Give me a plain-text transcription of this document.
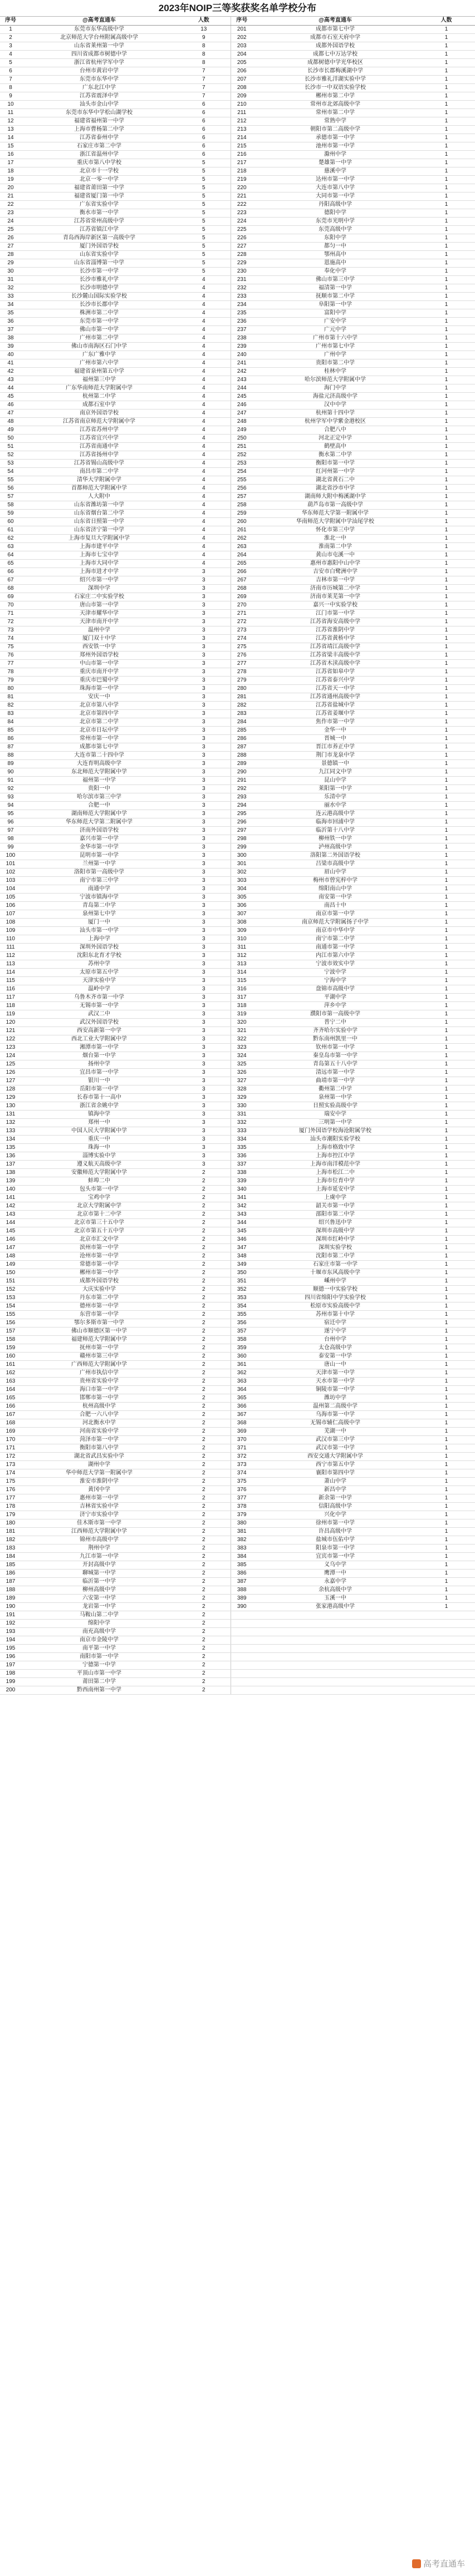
2023年NOIP三等奖获奖名单学校分布
序号	@高考直通车	人数	序号	@高考直通车	人数
1	东莞市东华高级中学	13	201	成都市第七中学	1
2	北京师范大学台州附属高级中学	9	202	成都市石室天府中学	1
3	山东省莱州第一中学	8	203	成都外国语学校	1
4	四川省成都市树德中学	8	204	成都七中万达学校	1
5	浙江省杭州学军中学	8	205	成都树德中学光华校区	1
6	台州市黄岩中学	7	206	长沙市长郡梅溪湖中学	1
7	东莞市东华中学	7	207	长沙市雅礼洋湖实验中学	1
8	广东北江中学	7	208	长沙市一中双语实验学校	1
9	江苏省震泽中学	7	209	郴州市第二中学	1
10	汕头市金山中学	6	210	常州市北郊高级中学	1
11	东莞市东华中学松山湖学校	6	211	常州市第二中学	1
12	福建省福州第一中学	6	212	常熟中学	1
13	上海市曹杨第二中学	6	213	朝阳市第二高级中学	1
14	江苏省泰州中学	6	214	承德市第一中学	1
15	石家庄市第二中学	6	215	池州市第一中学	1
16	浙江省温州中学	6	216	滁州中学	1
17	重庆市第八中学校	5	217	楚雄第一中学	1
18	北京市十一学校	5	218	慈溪中学	1
19	北京一零一中学	5	219	达州市第一中学	1
20	福建省莆田第一中学	5	220	大连市第八中学	1
21	福建省厦门第一中学	5	221	大同市第一中学	1
22	广东省实验中学	5	222	丹阳高级中学	1
23	衡水市第一中学	5	223	德阳中学	1
24	江苏省常州高级中学	5	224	东莞市光明中学	1
25	江苏省镇江中学	5	225	东莞高级中学	1
26	青岛西海岸新区第一高级中学	5	226	东阳中学	1
27	厦门外国语学校	5	227	都匀一中	1
28	山东省实验中学	5	228	鄂州高中	1
29	山东省淄博第一中学	5	229	恩施高中	1
30	长沙市第一中学	5	230	奉化中学	1
31	长沙市雅礼中学	4	231	佛山市第三中学	1
32	长沙市明德中学	4	232	福清第一中学	1
33	长沙麓山国际实验学校	4	233	抚顺市第二中学	1
34	长沙市长郡中学	4	234	阜阳第一中学	1
35	株洲市第二中学	4	235	富阳中学	1
36	东莞市第一中学	4	236	广安中学	1
37	佛山市第一中学	4	237	广元中学	1
38	广州市第二中学	4	238	广州市第十六中学	1
39	佛山市南海区石门中学	4	239	广州市第七中学	1
40	广东广雅中学	4	240	广州中学	1
41	广州市第六中学	4	241	贵阳市第二中学	1
42	福建省泉州第五中学	4	242	桂林中学	1
43	福州第三中学	4	243	哈尔滨师范大学附属中学	1
44	广东华南师范大学附属中学	4	244	海门中学	1
45	杭州第二中学	4	245	海盐元济高级中学	1
46	成都石室中学	4	246	汉中中学	1
47	南京外国语学校	4	247	杭州第十四中学	1
48	江苏省南京师范大学附属中学	4	248	杭州学军中学紫金港校区	1
49	江苏省苏州中学	4	249	合肥八中	1
50	江苏省宜兴中学	4	250	河北正定中学	1
51	江苏省南通中学	4	251	鹤壁高中	1
52	江苏省扬州中学	4	252	衡水第二中学	1
53	江苏省锡山高级中学	4	253	衡阳市第一中学	1
54	南昌市第二中学	4	254	红河州第一中学	1
55	清华大学附属中学	4	255	湖北省黄石二中	1
56	首都师范大学附属中学	4	256	湖北省沙市中学	1
57	人大附中	4	257	湖南师大附中梅溪湖中学	1
58	山东省潍坊第一中学	4	258	葫芦岛市第一高级中学	1
59	山东省烟台第二中学	4	259	华东师范大学第一附属中学	1
60	山东省日照第一中学	4	260	华南师范大学附属中学汕尾学校	1
61	山东省济宁第一中学	4	261	怀化市第三中学	1
62	上海市复旦大学附属中学	4	262	淮北一中	1
63	上海市建平中学	4	263	淮南第二中学	1
64	上海市七宝中学	4	264	黄山市屯溪一中	1
65	上海市大同中学	4	265	惠州市惠阳中山中学	1
66	上海市进才中学	3	266	吉安市白鹭洲中学	1
67	绍兴市第一中学	3	267	吉林市第一中学	1
68	深圳中学	3	268	济南市历城第二中学	1
69	石家庄二中实验学校	3	269	济南市莱芜第一中学	1
70	唐山市第一中学	3	270	嘉兴一中实验学校	1
71	天津市耀华中学	3	271	江门市第一中学	1
72	天津市南开中学	3	272	江苏省海安高级中学	1
73	温州中学	3	273	江苏省淮阴中学	1
74	厦门双十中学	3	274	江苏省黄桥中学	1
75	西安铁一中学	3	275	江苏省靖江高级中学	1
76	郑州外国语学校	3	276	江苏省梁丰高级中学	1
77	中山市第一中学	3	277	江苏省木渎高级中学	1
78	重庆市南开中学	3	278	江苏省如皋中学	1
79	重庆市巴蜀中学	3	279	江苏省泰兴中学	1
80	珠海市第一中学	3	280	江苏省天一中学	1
81	安庆一中	3	281	江苏省通州高级中学	1
82	北京市第八中学	3	282	江苏省盐城中学	1
83	北京市第四中学	3	283	江苏省姜堰中学	1
84	北京市第二中学	3	284	焦作市第一中学	1
85	北京市日坛中学	3	285	金华一中	1
86	常州市第一中学	3	286	晋城一中	1
87	成都市第七中学	3	287	晋江市养正中学	1
88	大连市第二十四中学	3	288	荆门市龙泉中学	1
89	大连育明高级中学	3	289	景德镇一中	1
90	东北师范大学附属中学	3	290	九江同文中学	1
91	福州第一中学	3	291	昆山中学	1
92	贵阳一中	3	292	莱阳第一中学	1
93	哈尔滨市第三中学	3	293	乐清中学	1
94	合肥一中	3	294	丽水中学	1
95	湖南师范大学附属中学	3	295	连云港高级中学	1
96	华东师范大学第二附属中学	3	296	临海市回浦中学	1
97	济南外国语学校	3	297	临沂第十八中学	1
98	嘉兴市第一中学	3	298	柳州铁一中学	1
99	金华市第一中学	3	299	泸州高级中学	1
100	昆明市第一中学	3	300	洛阳第二外国语学校	1
101	兰州第一中学	3	301	吕梁市高级中学	1
102	洛阳市第一高级中学	3	302	眉山中学	1
103	南宁市第三中学	3	303	梅州市曾宪梓中学	1
104	南通中学	3	304	绵阳南山中学	1
105	宁波市镇海中学	3	305	南安第一中学	1
106	青岛第二中学	3	306	南昌十中	1
107	泉州第七中学	3	307	南京市第一中学	1
108	厦门一中	3	308	南京师范大学附属扬子中学	1
109	汕头市第一中学	3	309	南京市中华中学	1
110	上海中学	3	310	南宁市第二中学	1
111	深圳外国语学校	3	311	南通市第一中学	1
112	沈阳东北育才学校	3	312	内江市第六中学	1
113	苏州中学	3	313	宁波市效实中学	1
114	太原市第五中学	3	314	宁波中学	1
115	天津实验中学	3	315	宁海中学	1
116	温岭中学	3	316	盘锦市高级中学	1
117	乌鲁木齐市第一中学	3	317	平湖中学	1
118	无锡市第一中学	3	318	萍乡中学	1
119	武汉二中	3	319	濮阳市第一高级中学	1
120	武汉外国语学校	3	320	普宁二中	1
121	西安高新第一中学	3	321	齐齐哈尔实验中学	1
122	西北工业大学附属中学	3	322	黔东南州凯里一中	1
123	湘潭市第一中学	3	323	钦州市第一中学	1
124	烟台第一中学	3	324	秦皇岛市第一中学	1
125	扬州中学	3	325	青岛第五十八中学	1
126	宜昌市第一中学	3	326	清远市第一中学	1
127	银川一中	3	327	曲靖市第一中学	1
128	岳阳市第一中学	3	328	衢州第二中学	1
129	长春市第十一高中	3	329	泉州第一中学	1
130	浙江省余姚中学	3	330	日照实验高级中学	1
131	镇海中学	3	331	瑞安中学	1
132	郑州一中	3	332	三明第一中学	1
133	中国人民大学附属中学	3	333	厦门外国语学校海沧附属学校	1
134	重庆一中	3	334	汕头市潮阳实验学校	1
135	珠海一中	3	335	上海市格致中学	1
136	淄博实验中学	3	336	上海市控江中学	1
137	遵义航天高级中学	3	337	上海市南洋模范中学	1
138	安徽师范大学附属中学	2	338	上海市松江二中	1
139	蚌埠二中	2	339	上海市位育中学	1
140	包头市第一中学	2	340	上海市延安中学	1
141	宝鸡中学	2	341	上虞中学	1
142	北京大学附属中学	2	342	韶关市第一中学	1
143	北京市第十二中学	2	343	邵阳市第二中学	1
144	北京市第三十五中学	2	344	绍兴鲁迅中学	1
145	北京市第五十五中学	2	345	深圳市高级中学	1
146	北京市汇文中学	2	346	深圳市红岭中学	1
147	滨州市第一中学	2	347	深圳实验学校	1
148	沧州市第一中学	2	348	沈阳市第二中学	1
149	常德市第一中学	2	349	石家庄市第一中学	1
150	郴州市第一中学	2	350	十堰市东风高级中学	1
151	成都外国语学校	2	351	嵊州中学	1
152	大庆实验中学	2	352	顺德一中实验学校	1
153	丹东市第二中学	2	353	四川省绵阳中学实验学校	1
154	德州市第一中学	2	354	松原市实验高级中学	1
155	东营市第一中学	2	355	苏州市第十中学	1
156	鄂尔多斯市第一中学	2	356	宿迁中学	1
157	佛山市顺德区第一中学	2	357	遂宁中学	1
158	福建师范大学附属中学	2	358	台州中学	1
159	抚州市第一中学	2	359	太仓高级中学	1
160	赣州市第三中学	2	360	泰安第一中学	1
161	广西师范大学附属中学	2	361	唐山一中	1
162	广州市执信中学	2	362	天津市第一中学	1
163	贵州省实验中学	2	363	天水市第一中学	1
164	海口市第一中学	2	364	铜陵市第一中学	1
165	邯郸市第一中学	2	365	潍坊中学	1
166	杭州高级中学	2	366	温州第二高级中学	1
167	合肥一六八中学	2	367	乌海市第一中学	1
168	河北衡水中学	2	368	无锡市辅仁高级中学	1
169	河南省实验中学	2	369	芜湖一中	1
170	菏泽市第一中学	2	370	武汉市第三中学	1
171	衡阳市第八中学	2	371	武汉市第一中学	1
172	湖北省武昌实验中学	2	372	西安交通大学附属中学	1
173	湖州中学	2	373	西宁市第五中学	1
174	华中师范大学第一附属中学	2	374	襄阳市第四中学	1
175	淮安市淮阴中学	2	375	萧山中学	1
176	黄冈中学	2	376	新昌中学	1
177	惠州市第一中学	2	377	新余第一中学	1
178	吉林省实验中学	2	378	信阳高级中学	1
179	济宁市实验中学	2	379	兴化中学	1
180	佳木斯市第一中学	2	380	徐州市第一中学	1
181	江西师范大学附属中学	2	381	许昌高级中学	1
182	锦州市高级中学	2	382	盐城市伍佑中学	1
183	荆州中学	2	383	阳泉市第一中学	1
184	九江市第一中学	2	384	宜宾市第一中学	1
185	开封高级中学	2	385	义乌中学	1
186	聊城第一中学	2	386	鹰潭一中	1
187	临沂第一中学	2	387	永嘉中学	1
188	柳州高级中学	2	388	余杭高级中学	1
189	六安第一中学	2	389	玉溪一中	1
190	龙岩第一中学	2	390	张家港高级中学	1
191	马鞍山第二中学	2			
192	绵阳中学	2			
193	南充高级中学	2			
194	南京市金陵中学	2			
195	南平第一中学	2			
196	南阳市第一中学	2			
197	宁德第一中学	2			
198	平顶山市第一中学	2			
199	莆田第二中学	2			
200	黔西南州第一中学	2			
高考直通车
